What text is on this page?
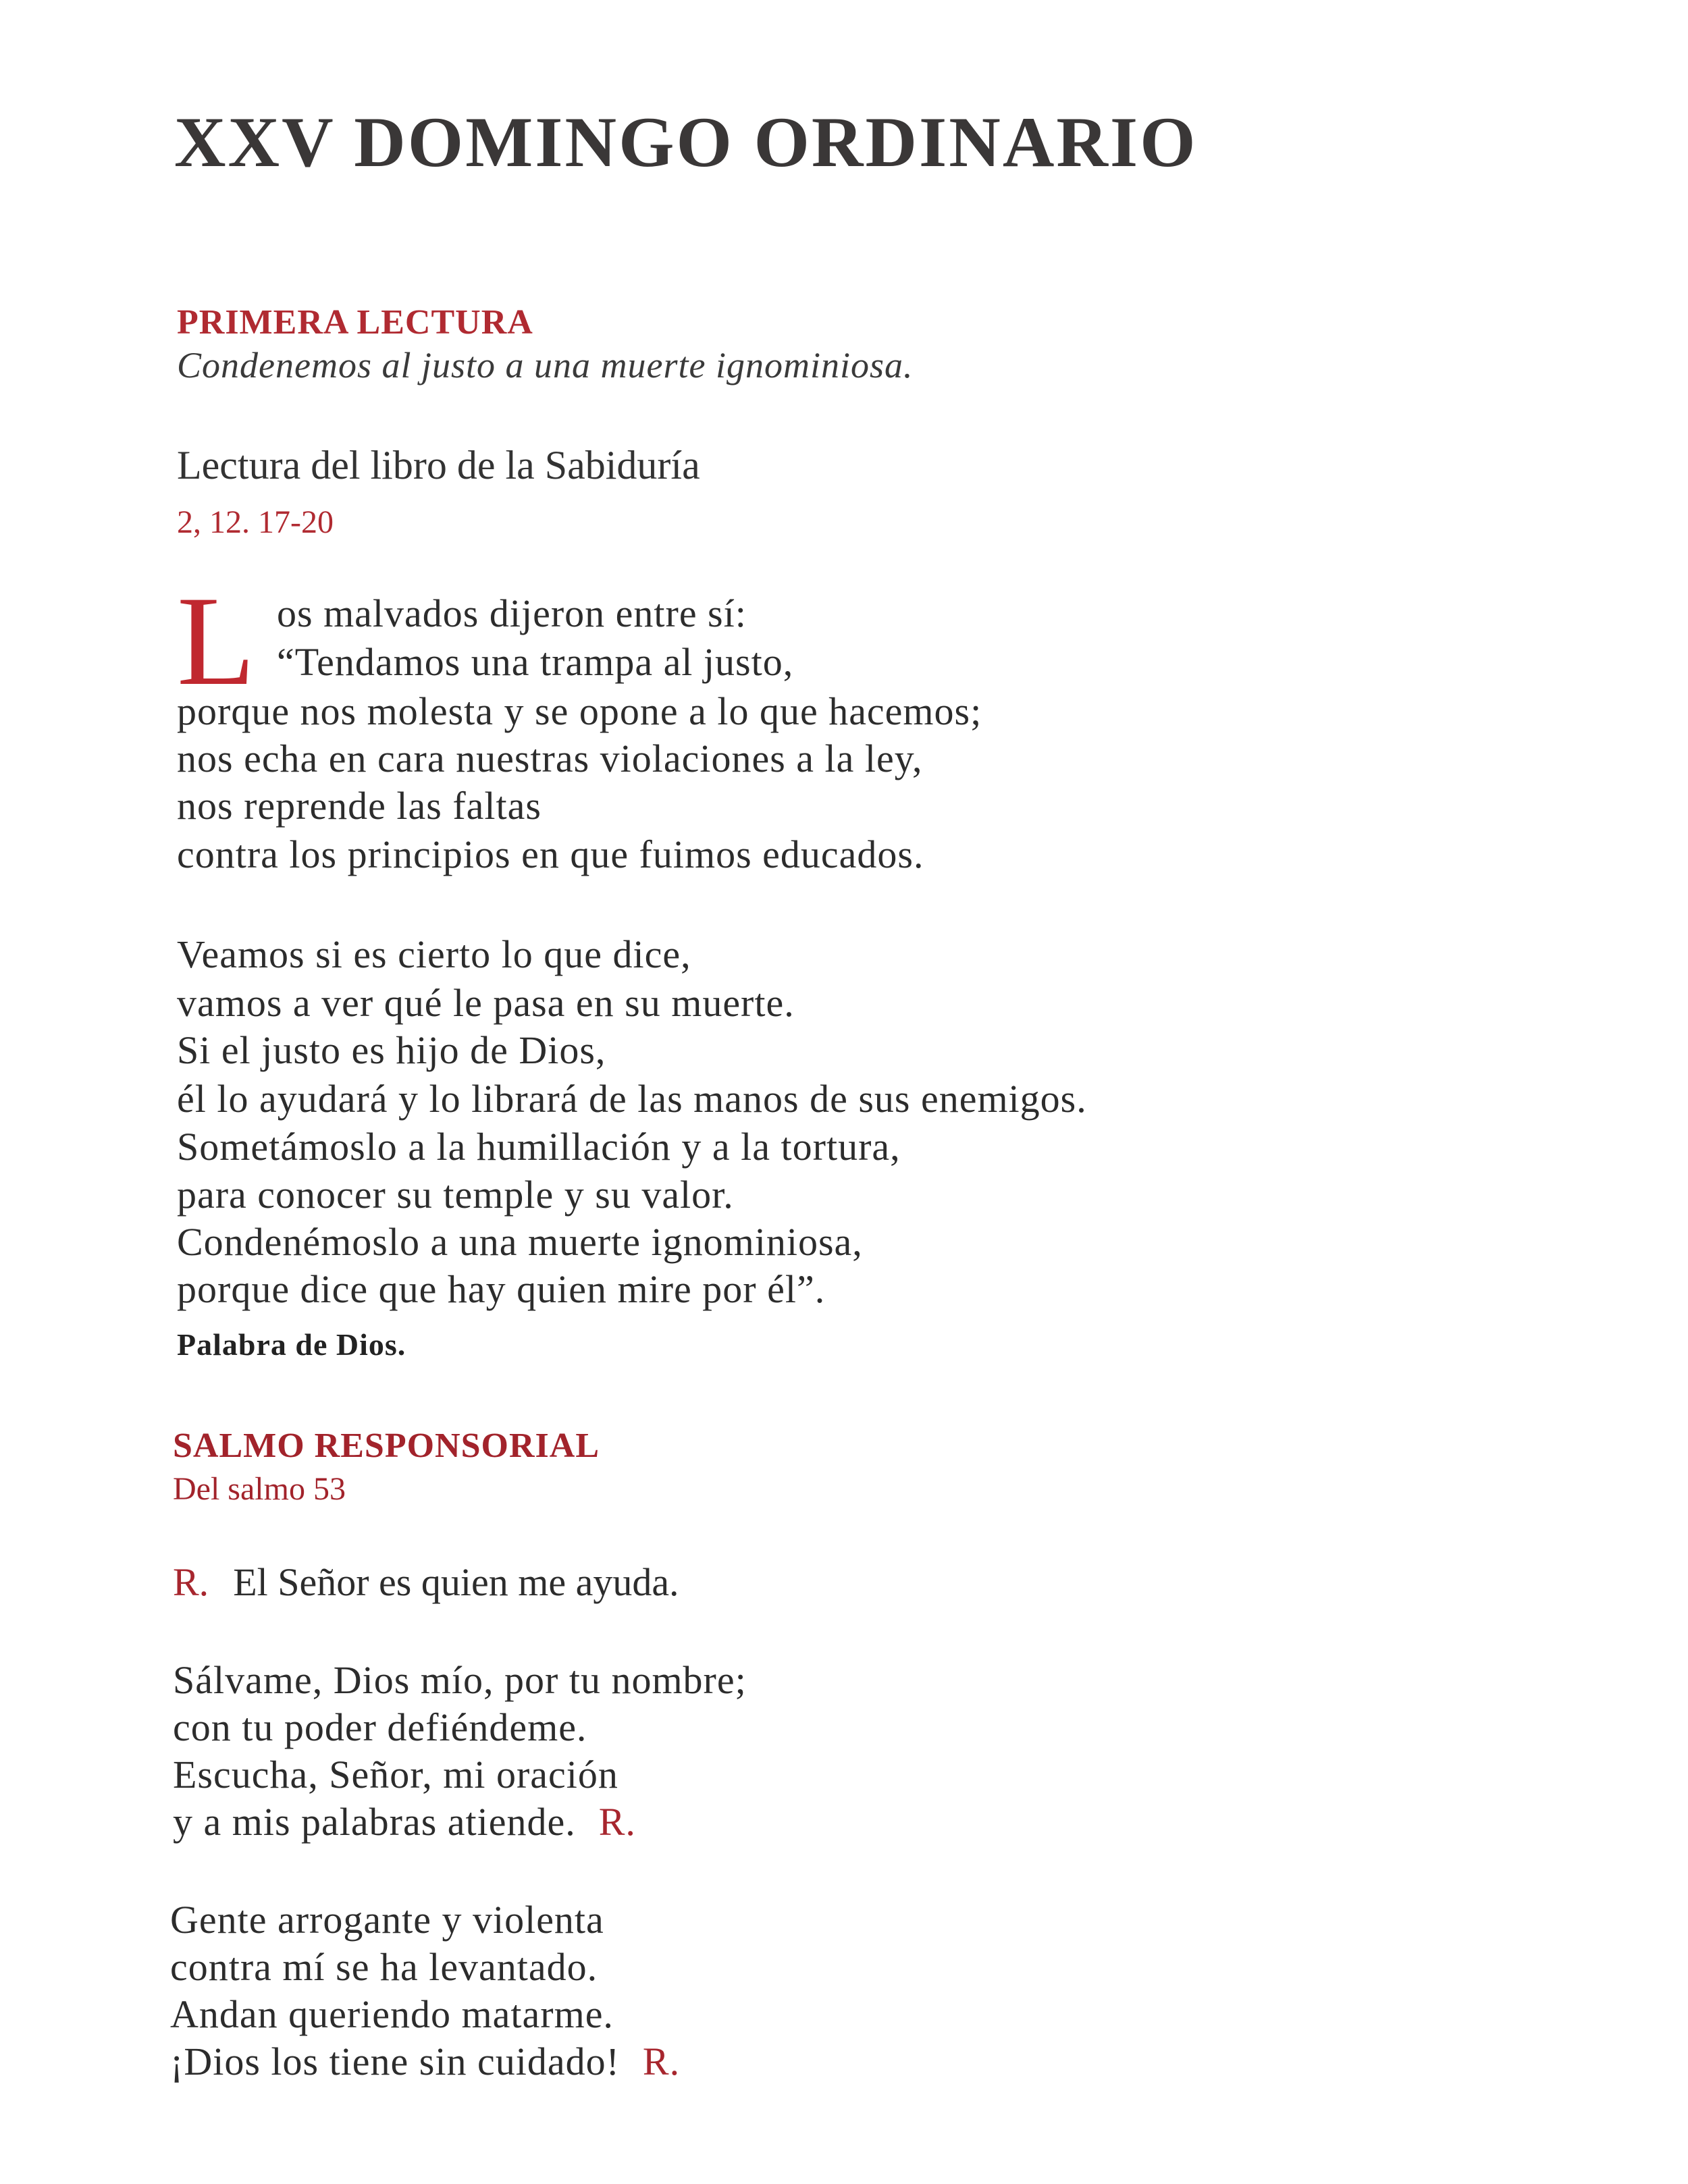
XXV DOMINGO ORDINARIO
PRIMERA LECTURA
Condenemos al justo a una muerte ignominiosa.
Lectura del libro de la Sabiduría
2, 12. 17-20
L os malvados dijeron entre sí:
“Tendamos una trampa al justo,
porque nos molesta y se opone a lo que hacemos;
nos echa en cara nuestras violaciones a la ley,
nos reprende las faltas
contra los principios en que fuimos educados.
Veamos si es cierto lo que dice,
vamos a ver qué le pasa en su muerte.
Si el justo es hijo de Dios,
él lo ayudará y lo librará de las manos de sus enemigos.
Sometámoslo a la humillación y a la tortura,
para conocer su temple y su valor.
Condenémoslo a una muerte ignominiosa,
porque dice que hay quien mire por él”.
Palabra de Dios.
SALMO RESPONSORIAL
Del salmo 53
R. El Señor es quien me ayuda.
Sálvame, Dios mío, por tu nombre;
con tu poder defiéndeme.
Escucha, Señor, mi oración
y a mis palabras atiende. R.
Gente arrogante y violenta
contra mí se ha levantado.
Andan queriendo matarme.
¡Dios los tiene sin cuidado! R.
